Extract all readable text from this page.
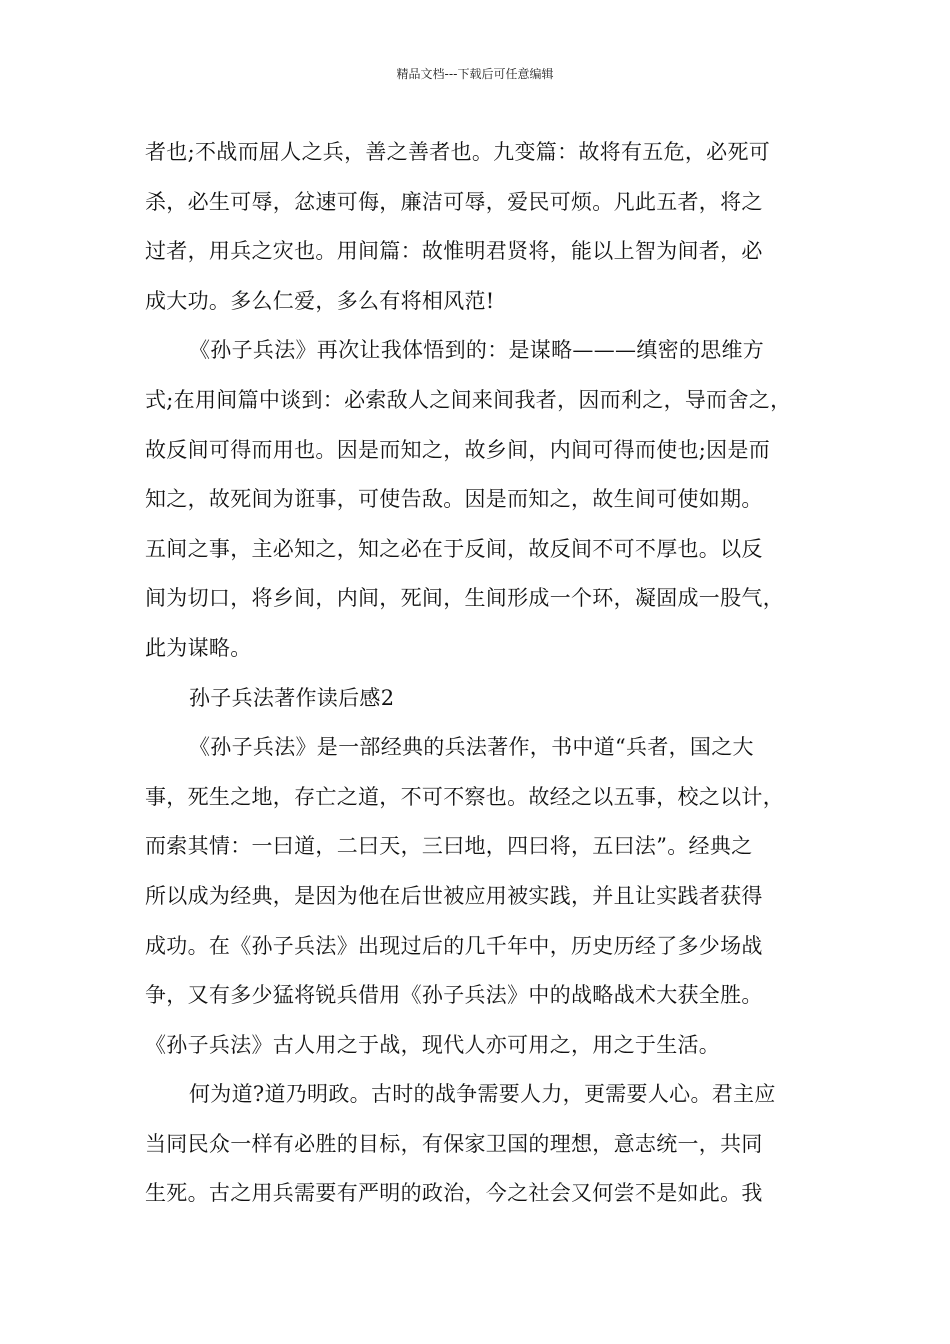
精品文档---下载后可任意编辑
者也;不战而屈人之兵，善之善者也。九变篇：故将有五危，必死可
杀，必生可辱，忿速可侮，廉洁可辱，爱民可烦。凡此五者，将之
过者，用兵之灾也。用间篇：故惟明君贤将，能以上智为间者，必
成大功。多么仁爱，多么有将相风范!
《孙子兵法》再次让我体悟到的：是谋略———缜密的思维方
式;在用间篇中谈到：必索敌人之间来间我者，因而利之，导而舍之，
故反间可得而用也。因是而知之，故乡间，内间可得而使也;因是而
知之，故死间为诳事，可使告敌。因是而知之，故生间可使如期。
五间之事，主必知之，知之必在于反间，故反间不可不厚也。以反
间为切口，将乡间，内间，死间，生间形成一个环，凝固成一股气，
此为谋略。
孙子兵法著作读后感2
《孙子兵法》是一部经典的兵法著作，书中道“兵者，国之大
事，死生之地，存亡之道，不可不察也。故经之以五事，校之以计，
而索其情：一曰道，二曰天，三曰地，四曰将，五曰法”。经典之
所以成为经典，是因为他在后世被应用被实践，并且让实践者获得
成功。在《孙子兵法》出现过后的几千年中，历史历经了多少场战
争，又有多少猛将锐兵借用《孙子兵法》中的战略战术大获全胜。
《孙子兵法》古人用之于战，现代人亦可用之，用之于生活。
何为道?道乃明政。古时的战争需要人力，更需要人心。君主应
当同民众一样有必胜的目标，有保家卫国的理想，意志统一，共同
生死。古之用兵需要有严明的政治，今之社会又何尝不是如此。我
